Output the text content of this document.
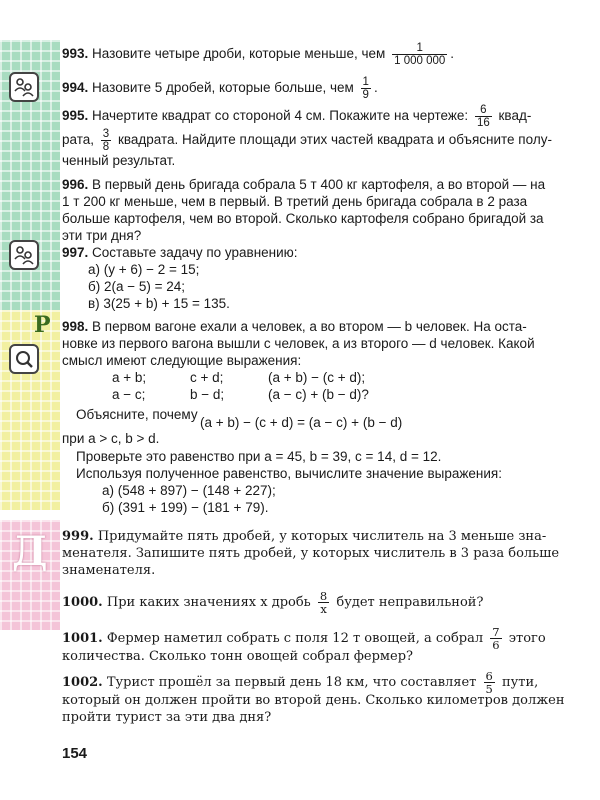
Р
Д
993. Назовите четыре дроби, которые меньше, чем $\frac{1}{1 000 000}$ .
994. Назовите 5 дробей, которые больше, чем $\frac{1}{9}$ .
995. Начертите квадрат со стороной 4 см. Покажите на чертеже: $\frac{6}{16}$ квад-
рата, $\frac{3}{8}$ квадрата. Найдите площади этих частей квадрата и объясните полу-
ченный результат.
996. В первый день бригада собрала 5 т 400 кг картофеля, а во второй — на
1 т 200 кг меньше, чем в первый. В третий день бригада собрала в 2 раза
больше картофеля, чем во второй. Сколько картофеля собрано бригадой за
эти три дня?
997. Составьте задачу по уравнению:
а) (y + 6) − 2 = 15;
б) 2(a − 5) = 24;
в) 3(25 + b) + 15 = 135.
998. В первом вагоне ехали a человек, а во втором — b человек. На оста-
новке из первого вагона вышли c человек, а из второго — d человек. Какой
смысл имеют следующие выражения:
a + b;	c + d;	(a + b) − (c + d);
a − c;	b − d;	(a − c) + (b − d)?
Объясните, почему
(a + b) − (c + d) = (a − c) + (b − d)
при a > c, b > d.
Проверьте это равенство при a = 45, b = 39, c = 14, d = 12.
Используя полученное равенство, вычислите значение выражения:
а) (548 + 897) − (148 + 227);
б) (391 + 199) − (181 + 79).
999. Придумайте пять дробей, у которых числитель на 3 меньше зна-
менателя. Запишите пять дробей, у которых числитель в 3 раза больше
знаменателя.
1000. При каких значениях x дробь $\frac{8}{x}$ будет неправильной?
1001. Фермер наметил собрать с поля 12 т овощей, а собрал $\frac{7}{6}$ этого
количества. Сколько тонн овощей собрал фермер?
1002. Турист прошёл за первый день 18 км, что составляет $\frac{6}{5}$ пути,
который он должен пройти во второй день. Сколько километров должен
пройти турист за эти два дня?
154
